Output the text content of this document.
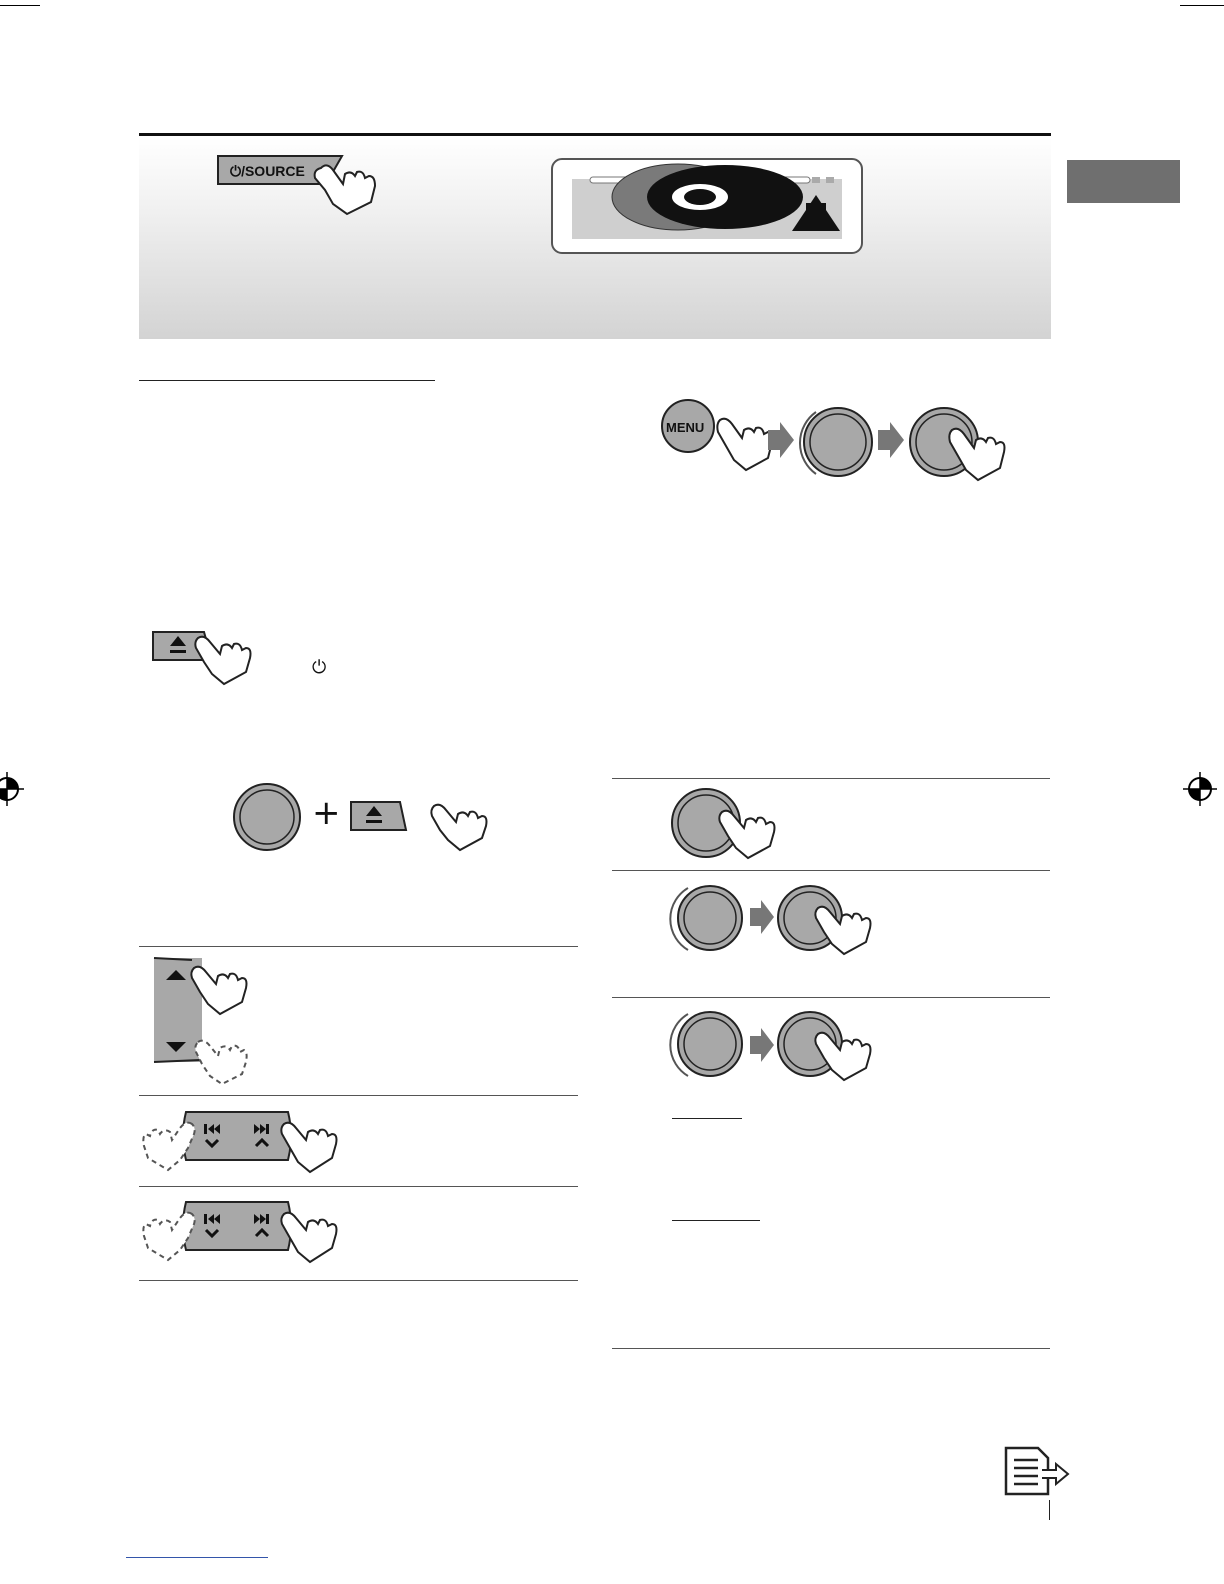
⏻/SOURCE
MENU
⏻
+
